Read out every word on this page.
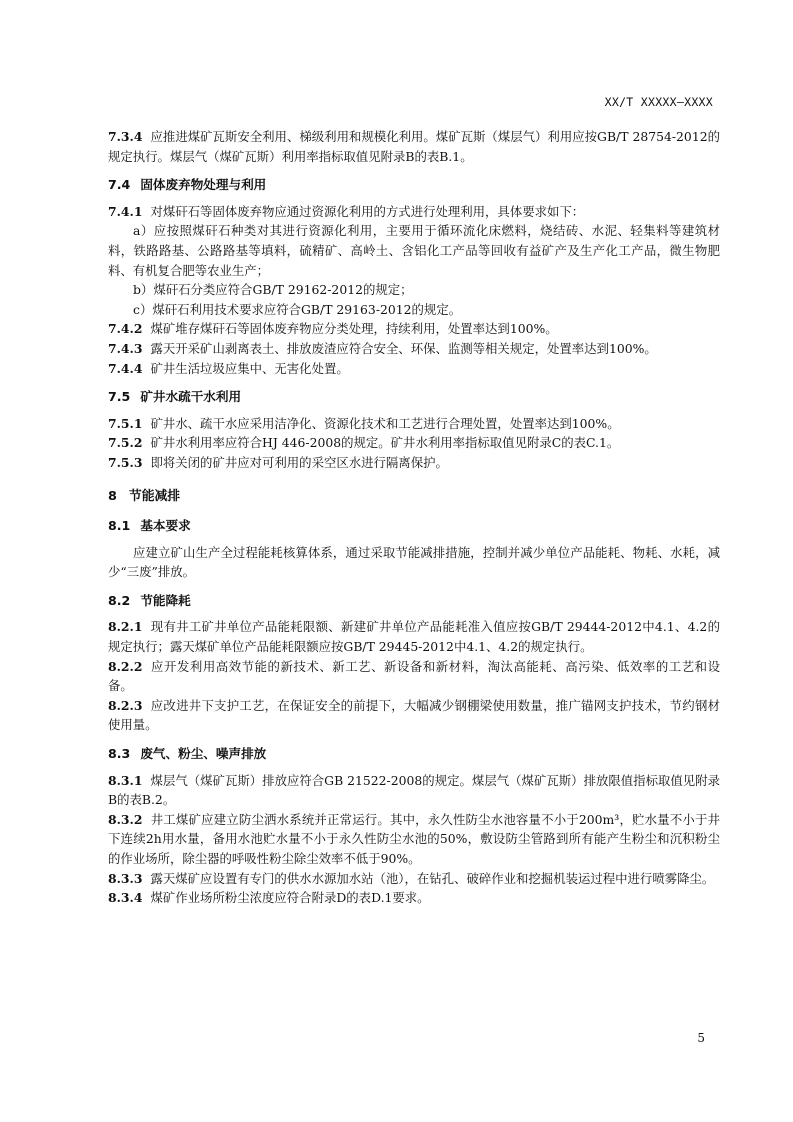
XX/T XXXXX—XXXX

7.3.4 应推进煤矿瓦斯安全利用、梯级利用和规模化利用。煤矿瓦斯（煤层气）利用应按GB/T 28754-2012的规定执行。煤层气（煤矿瓦斯）利用率指标取值见附录B的表B.1。

7.4 固体废弃物处理与利用

7.4.1 对煤矸石等固体废弃物应通过资源化利用的方式进行处理利用，具体要求如下：

a）应按照煤矸石种类对其进行资源化利用，主要用于循环流化床燃料，烧结砖、水泥、轻集料等建筑材料，铁路路基、公路路基等填料，硫精矿、高岭土、含铝化工产品等回收有益矿产及生产化工产品，微生物肥料、有机复合肥等农业生产；

b）煤矸石分类应符合GB/T 29162-2012的规定；

c）煤矸石利用技术要求应符合GB/T 29163-2012的规定。

7.4.2 煤矿堆存煤矸石等固体废弃物应分类处理，持续利用，处置率达到100%。

7.4.3 露天开采矿山剥离表土、排放废渣应符合安全、环保、监测等相关规定，处置率达到100%。

7.4.4 矿井生活垃圾应集中、无害化处置。

7.5 矿井水疏干水利用

7.5.1 矿井水、疏干水应采用洁净化、资源化技术和工艺进行合理处置，处置率达到100%。

7.5.2 矿井水利用率应符合HJ 446-2008的规定。矿井水利用率指标取值见附录C的表C.1。

7.5.3 即将关闭的矿井应对可利用的采空区水进行隔离保护。

8 节能减排
8.1 基本要求

应建立矿山生产全过程能耗核算体系，通过采取节能减排措施，控制并减少单位产品能耗、物耗、水耗，减少“三废”排放。

8.2 节能降耗

8.2.1 现有井工矿井单位产品能耗限额、新建矿井单位产品能耗准入值应按GB/T 29444-2012中4.1、4.2的规定执行；露天煤矿单位产品能耗限额应按GB/T 29445-2012中4.1、4.2的规定执行。

8.2.2 应开发利用高效节能的新技术、新工艺、新设备和新材料，淘汰高能耗、高污染、低效率的工艺和设备。

8.2.3 应改进井下支护工艺，在保证安全的前提下，大幅减少钢棚梁使用数量，推广锚网支护技术，节约钢材使用量。

8.3 废气、粉尘、噪声排放

8.3.1 煤层气（煤矿瓦斯）排放应符合GB 21522-2008的规定。煤层气（煤矿瓦斯）排放限值指标取值见附录B的表B.2。

8.3.2 井工煤矿应建立防尘洒水系统并正常运行。其中，永久性防尘水池容量不小于200m³，贮水量不小于井下连续2h用水量，备用水池贮水量不小于永久性防尘水池的50%，敷设防尘管路到所有能产生粉尘和沉积粉尘的作业场所，除尘器的呼吸性粉尘除尘效率不低于90%。

8.3.3 露天煤矿应设置有专门的供水水源加水站（池），在钻孔、破碎作业和挖掘机装运过程中进行喷雾降尘。

8.3.4 煤矿作业场所粉尘浓度应符合附录D的表D.1要求。

5
